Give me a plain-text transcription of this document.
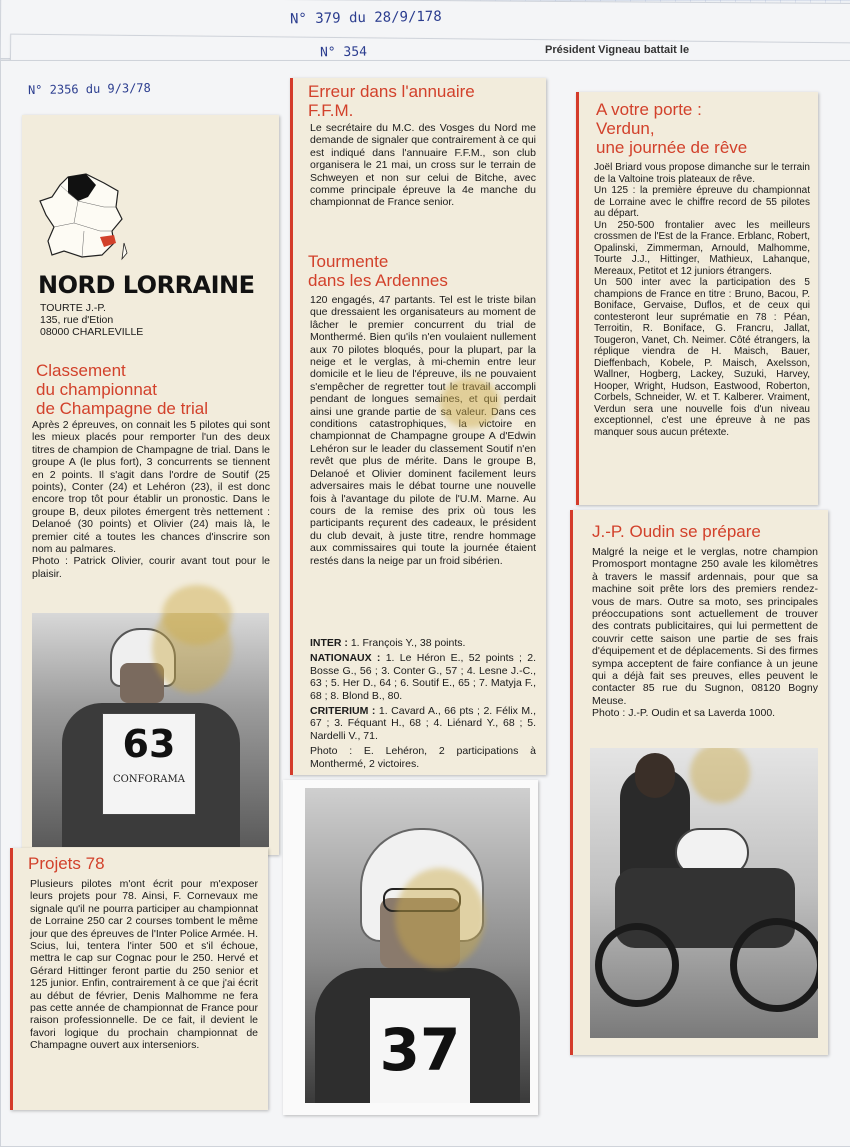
N° 379 du 28/9/178
N° 354
N° 2356 du 9/3/78
Président Vigneau battait le
NORD LORRAINE
TOURTE J.-P.
135, rue d'Etion
08000 CHARLEVILLE
Classement
du championnat
de Champagne de trial

Après 2 épreuves, on connait les 5 pilotes qui sont les mieux placés pour remporter l'un des deux titres de champion de Champagne de trial. Dans le groupe A (le plus fort), 3 concurrents se tiennent en 2 points. Il s'agit dans l'ordre de Soutif (25 points), Conter (24) et Lehéron (23), il est donc encore trop tôt pour établir un pronostic. Dans le groupe B, deux pilotes émergent très nettement : Delanoé (30 points) et Olivier (24) mais là, le premier cité a toutes les chances d'inscrire son nom au palmares.
Photo : Patrick Olivier, courir avant tout pour le plaisir.

63
CONFORAMA
Projets 78

Plusieurs pilotes m'ont écrit pour m'exposer leurs projets pour 78. Ainsi, F. Cornevaux me signale qu'il ne pourra participer au championnat de Lorraine 250 car 2 courses tombent le même jour que des épreuves de l'Inter Police Armée. H. Scius, lui, tentera l'inter 500 et s'il échoue, mettra le cap sur Cognac pour le 250. Hervé et Gérard Hittinger feront partie du 250 senior et 125 junior. Enfin, contrairement à ce que j'ai écrit au début de février, Denis Malhomme ne fera pas cette année de championnat de France pour raison professionnelle. De ce fait, il devient le favori logique du prochain championnat de Champagne ouvert aux interseniors.

Erreur dans l'annuaire
F.F.M.

Le secrétaire du M.C. des Vosges du Nord me demande de signaler que contrairement à ce qui est indiqué dans l'annuaire F.F.M., son club organisera le 21 mai, un cross sur le terrain de Schweyen et non sur celui de Bitche, avec comme principale épreuve la 4e manche du championnat de France senior.

Tourmente
dans les Ardennes

120 engagés, 47 partants. Tel est le triste bilan que dressaient les organisateurs au moment de lâcher le premier concurrent du trial de Monthermé. Bien qu'ils n'en voulaient nullement aux 70 pilotes bloqués, pour la plupart, par la neige et le verglas, à mi-chemin entre leur domicile et le lieu de l'épreuve, ils ne pouvaient s'empêcher de regretter tout le travail accompli pendant de longues semaines, et qui perdait ainsi une grande partie de sa valeur. Dans ces conditions catastrophiques, la victoire en championnat de Champagne groupe A d'Edwin Lehéron sur le leader du classement Soutif n'en revêt que plus de mérite. Dans le groupe B, Delanoé et Olivier dominent facilement leurs adversaires mais le débat tourne une nouvelle fois à l'avantage du pilote de l'U.M. Marne. Au cours de la remise des prix où tous les participants reçurent des cadeaux, le président du club devait, à juste titre, rendre hommage aux commissaires qui toute la journée étaient restés dans la neige par un froid sibérien.

INTER : 1. François Y., 38 points.

NATIONAUX : 1. Le Héron E., 52 points ; 2. Bosse G., 56 ; 3. Conter G., 57 ; 4. Lesne J.-C., 63 ; 5. Her D., 64 ; 6. Soutif E., 65 ; 7. Matyja F., 68 ; 8. Blond B., 80.

CRITERIUM : 1. Cavard A., 66 pts ; 2. Félix M., 67 ; 3. Féquant H., 68 ; 4. Liénard Y., 68 ; 5. Nardelli V., 71.

Photo : E. Lehéron, 2 participations à Monthermé, 2 victoires.

37
A votre porte :
Verdun,
une journée de rêve

Joël Briard vous propose dimanche sur le terrain de la Valtoine trois plateaux de rêve.
Un 125 : la première épreuve du championnat de Lorraine avec le chiffre record de 55 pilotes au départ.
Un 250-500 frontalier avec les meilleurs crossmen de l'Est de la France. Erblanc, Robert, Opalinski, Zimmerman, Arnould, Malhomme, Tourte J.J., Hittinger, Mathieux, Lahanque, Mereaux, Petitot et 12 juniors étrangers.
Un 500 inter avec la participation des 5 champions de France en titre : Bruno, Bacou, P. Boniface, Gervaise, Duflos, et de ceux qui contesteront leur suprématie en 78 : Péan, Terroitin, R. Boniface, G. Francru, Jallat, Tougeron, Vanet, Ch. Neimer. Côté étrangers, la réplique viendra de H. Maisch, Bauer, Dieffenbach, Kobele, P. Maisch, Axelsson, Wallner, Hogberg, Lackey, Suzuki, Harvey, Hooper, Wright, Hudson, Eastwood, Roberton, Corbels, Schneider, W. et T. Kalberer. Vraiment, Verdun sera une nouvelle fois d'un niveau exceptionnel, c'est une épreuve à ne pas manquer sous aucun prétexte.

J.-P. Oudin se prépare

Malgré la neige et le verglas, notre champion Promosport montagne 250 avale les kilomètres à travers le massif ardennais, pour que sa machine soit prête lors des premiers rendez-vous de mars. Outre sa moto, ses principales préoccupations sont actuellement de trouver des contrats publicitaires, qui lui permettent de couvrir cette saison une partie de ses frais d'équipement et de déplacements. Si des firmes sympa acceptent de faire confiance à un jeune qui a déjà fait ses preuves, elles peuvent le contacter 85 rue du Sugnon, 08120 Bogny Meuse.
Photo : J.-P. Oudin et sa Laverda 1000.
